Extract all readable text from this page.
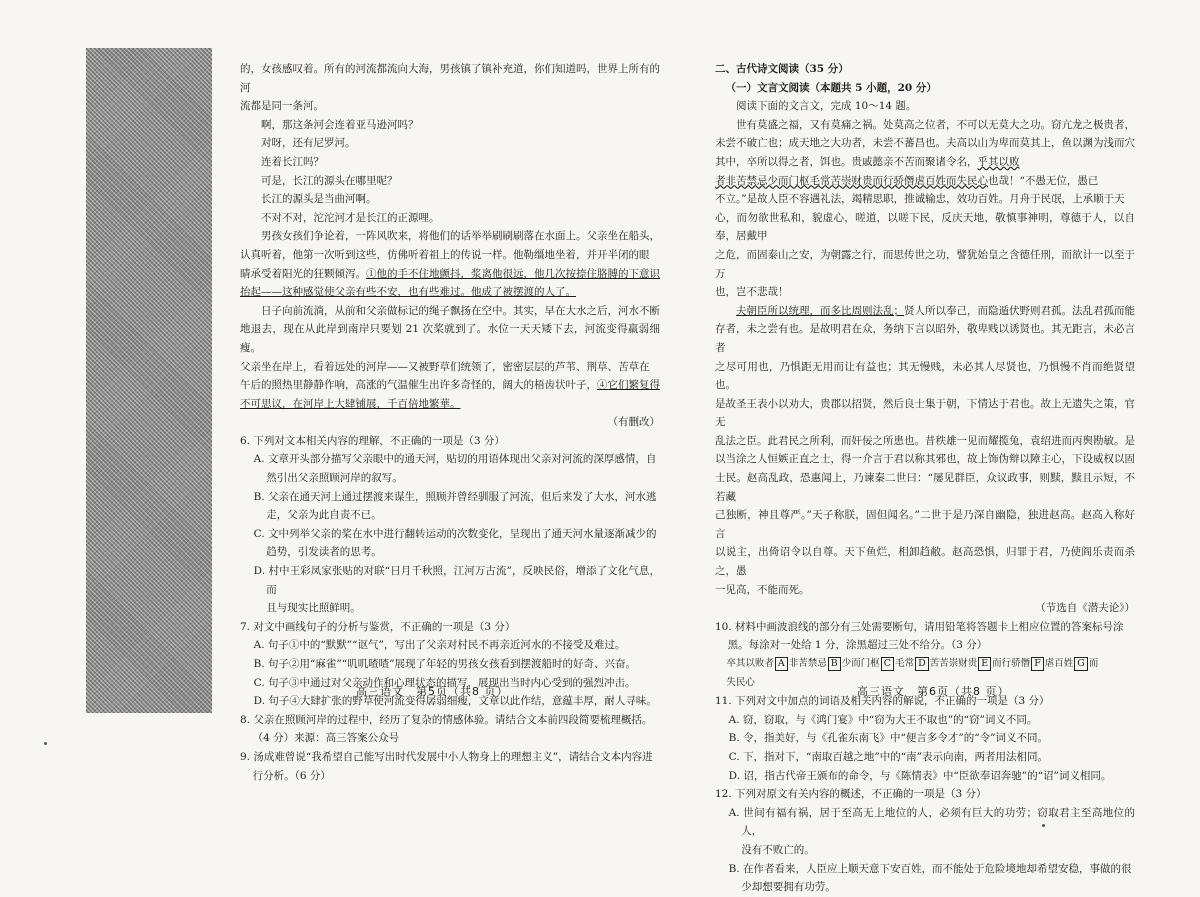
的，女孩感叹着。所有的河流都流向大海，男孩镇了镇补充道，你们知道吗，世界上所有的河

流都是同一条河。

啊，那这条河会连着亚马逊河吗？

对呀，还有尼罗河。

连着长江吗？

可是，长江的源头在哪里呢？

长江的源头是当曲河啊。

不对不对，沱沱河才是长江的正源哩。

男孩女孩们争论着，一阵风吹来，将他们的话举举刷刷刷落在水面上。父亲坐在船头，

认真听着，他第一次听到这些，仿佛听着祖上的传说一样。他勒缰地坐着，并开半闭的眼

睛承受着阳光的狂颗倾泻。①他的手不住地颤抖，浆离他很远，他几次按捺住胳膊的下意识

抬起——这种感觉使父亲有些不安，也有些难过。他成了被摆渡的人了。

日子向前流淌，从前和父亲做标记的绳子飘扬在空中。其实，早在大水之后，河水不断

地退去，现在从此岸到南岸只要划 21 次桨就到了。水位一天天矮下去，河流变得羸弱细瘦。

父亲坐在岸上，看着远处的河岸——又被野草们统领了，密密层层的芦苇、荆草、苦草在

午后的照热里静静作响，高涨的气温催生出许多奇怪的，阔大的梧齿状叶子，④它们繁复得

不可思议，在河岸上大肆铺展，千百倍地繁華。

（有删改）

6. 下列对文本相关内容的理解，不正确的一项是（3 分）

A. 文章开头部分描写父亲眼中的通天河，贴切的用语体现出父亲对河流的深厚感情，自

然引出父亲照顾河岸的叙写。

B. 父亲在通天河上通过摆渡来谋生，照顾并曾经驯服了河流，但后来发了大水，河水逃

走，父亲为此自责不已。

C. 文中列举父亲的桨在水中进行翻转运动的次数变化，呈现出了通天河水量逐渐减少的

趋势，引发读者的思考。

D. 村中王彩凤家张贴的对联“日月千秋照，江河万古流”，反映民俗，增添了文化气息，而

且与现实比照鲜明。

7. 对文中画线句子的分析与鉴赏，不正确的一项是（3 分）

A. 句子①中的“默默”“讴气”，写出了父亲对村民不再亲近河水的不接受及难过。

B. 句子②用“麻雀”“叽叽喳喳”展现了年轻的男孩女孩看到摆渡船时的好奇、兴奋。

C. 句子③中通过对父亲动作和心理状态的描写，展现出当时内心受到的强烈冲击。

D. 句子④大肆扩张的野草使河流变得孱弱细瘦，文章以此作结，意蕴丰厚，耐人寻味。

8. 父亲在照顾河岸的过程中，经历了复杂的情感体验。请结合文本前四段简要梳理概括。

（4 分）来源：高三答案公众号

9. 汤成难曾说“我希望自己能写出时代发展中小人物身上的理想主义”，请结合文本内容进

行分析。（6 分）

二、古代诗文阅读（35 分）

（一）文言文阅读（本题共 5 小题，20 分）

阅读下面的文言文，完成 10～14 题。

世有莫盛之福，又有莫痛之祸。处莫高之位者，不可以无莫大之功。窃亢龙之极贵者，

未尝不破亡也；成天地之大功者，未尝不蕃昌也。夫高以山为卑而莫其上，鱼以渊为浅而穴

其中，卒所以得之者，饵也。贵戚懿亲不苦而聚诸令名，乎其以败

者非苦禁忌少而门枢毛常苦崇财贵而行骄僭虐百姓而失民心也哉！“不愚无位，愚已

不立。”是故人臣不容遇礼法，竭精思职，推诚输忠，效功百姓。月舟于民氓，上承顺于天

心，而勿欲世私和，貌虚心，嗟道，以嗟下民，反庆天地，敬慎事神明，尊德于人，以自奉，居戴甲

之危，而固泰山之安，为朝露之行，而思传世之功，譬犹始皇之含德任刑，而欲计一以至于万

也，岂不悲哉！

夫朝臣所以统理，而多比周则法乱；贤人所以奉己，而隐遁伏野则君孤。法乱君孤而能

存者，未之尝有也。是故明君在众，务纳下言以昭外，敬卑贱以诱贤也。其无距言，未必言者

之尽可用也，乃惧距无用而让有益也；其无慢贱，未必其人尽贤也，乃惧慢不肖而绝贤望也。

是故圣王表小以劝大，贵郡以招贤，然后良士集于朝，下情达于君也。故上无遗失之策，官无

乱法之臣。此君民之所利，而奸佞之所患也。昔秩雄一见而耀揽兔，袁绍进而丙舆勘敏。是

以当涂之人恒嫉正直之士，得一介言于君以称其邪也，故上饰伪辩以障主心，下设威权以固

士民。赵高乱政，恐惠闻上，乃谏秦二世曰：“屡见群臣，众议政事，则黩，黩且示短，不若藏

己独断，神且尊严。”天子称朕，固但闻名。”二世于是乃深自幽隐，独进赵高。赵高入称好言

以说主，出倚诏令以自尊。天下鱼烂，相卸趋敝。赵高恐惧，归罪于君，乃使阎乐责而杀之，愚

一见高，不能而死。

（节选自《潜夫论》）

10. 材料中画波浪线的部分有三处需要断句，请用铅笔将答题卡上相应位置的答案标号涂

黑。每涂对一处给 1 分，涂黑超过三处不给分。（3 分）

卒其以败者 A 非苦禁忌 B 少而门枢 C 毛常 D 苦苦崇财贵 E 而行骄僭 F 虐百姓 G 而

失民心

11. 下列对文中加点的词语及相关内容的解说，不正确的一项是（3 分）

A. 窃，窃取，与《鸿门宴》中“窃为大王不取也”的“窃”词义不同。

B. 令，指美好，与《孔雀东南飞》中“便言多令才”的“令”词义不同。

C. 下，指对下，“南取百越之地”中的“南”表示向南，两者用法相同。

D. 诏，指古代帝王颁布的命令，与《陈情表》中“臣欲奉诏奔驰”的“诏”词义相同。

12. 下列对原文有关内容的概述，不正确的一项是（3 分）

A. 世间有福有祸，居于至高无上地位的人，必须有巨大的功劳；窃取君主至高地位的人，

没有不败亡的。

B. 在作者看来，人臣应上顺天意下安百姓，而不能处于危险境地却希望安稳，事做的很

少却想要拥有功劳。

高三语文　第5页（共8 页）	高三语文　第6页（共8 页）
